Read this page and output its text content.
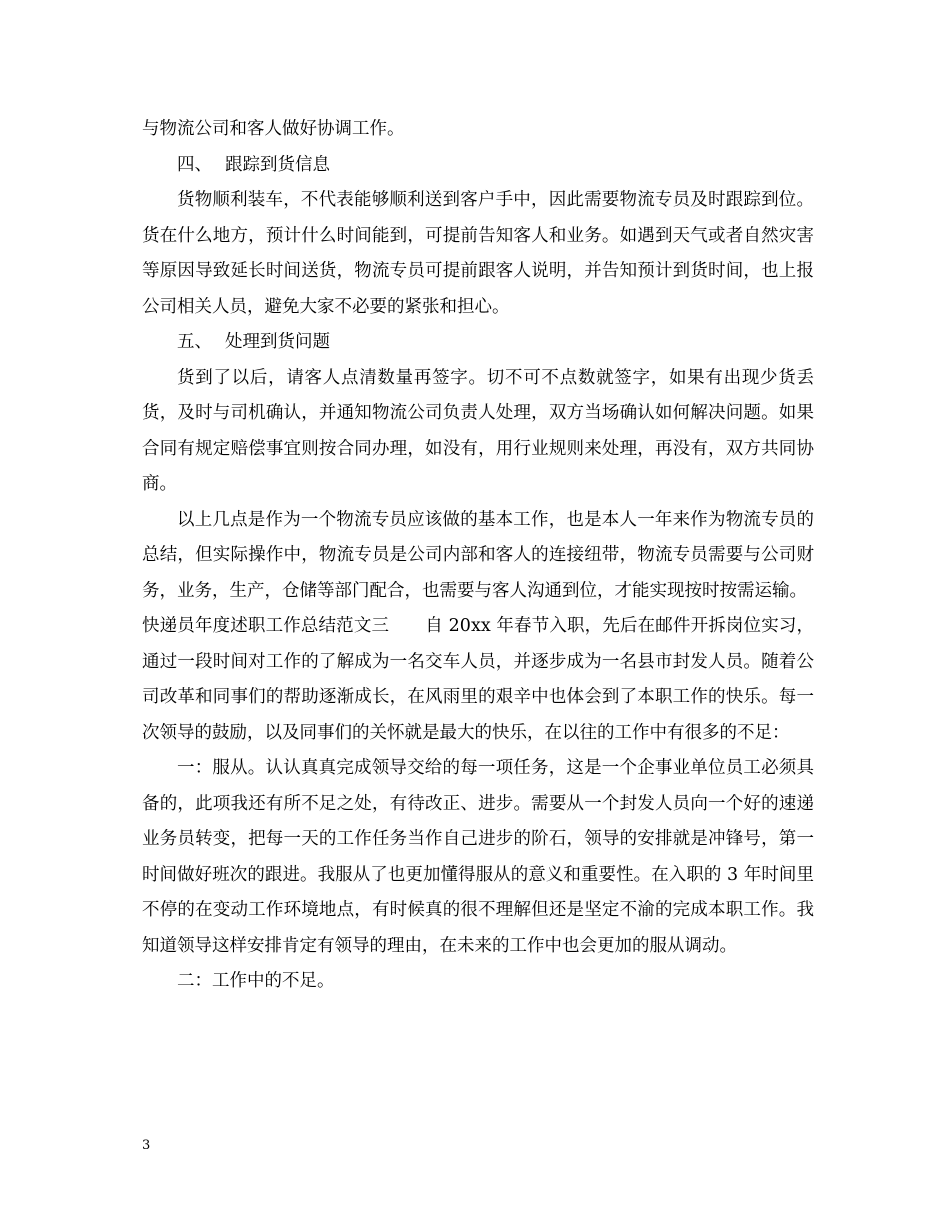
与物流公司和客人做好协调工作。

四、 跟踪到货信息

货物顺利装车，不代表能够顺利送到客户手中，因此需要物流专员及时跟踪到位。货在什么地方，预计什么时间能到，可提前告知客人和业务。如遇到天气或者自然灾害等原因导致延长时间送货，物流专员可提前跟客人说明，并告知预计到货时间，也上报公司相关人员，避免大家不必要的紧张和担心。

五、 处理到货问题

货到了以后，请客人点清数量再签字。切不可不点数就签字，如果有出现少货丢货，及时与司机确认，并通知物流公司负责人处理，双方当场确认如何解决问题。如果合同有规定赔偿事宜则按合同办理，如没有，用行业规则来处理，再没有，双方共同协商。

以上几点是作为一个物流专员应该做的基本工作，也是本人一年来作为物流专员的总结，但实际操作中，物流专员是公司内部和客人的连接纽带，物流专员需要与公司财务，业务，生产，仓储等部门配合，也需要与客人沟通到位，才能实现按时按需运输。

快递员年度述职工作总结范文三 自 20xx 年春节入职，先后在邮件开拆岗位实习，通过一段时间对工作的了解成为一名交车人员，并逐步成为一名县市封发人员。随着公司改革和同事们的帮助逐渐成长，在风雨里的艰辛中也体会到了本职工作的快乐。每一次领导的鼓励，以及同事们的关怀就是最大的快乐，在以往的工作中有很多的不足：

一：服从。认认真真完成领导交给的每一项任务，这是一个企事业单位员工必须具备的，此项我还有所不足之处，有待改正、进步。需要从一个封发人员向一个好的速递业务员转变，把每一天的工作任务当作自己进步的阶石，领导的安排就是冲锋号，第一时间做好班次的跟进。我服从了也更加懂得服从的意义和重要性。在入职的 3 年时间里不停的在变动工作环境地点，有时候真的很不理解但还是坚定不渝的完成本职工作。我知道领导这样安排肯定有领导的理由，在未来的工作中也会更加的服从调动。

二：工作中的不足。

3
